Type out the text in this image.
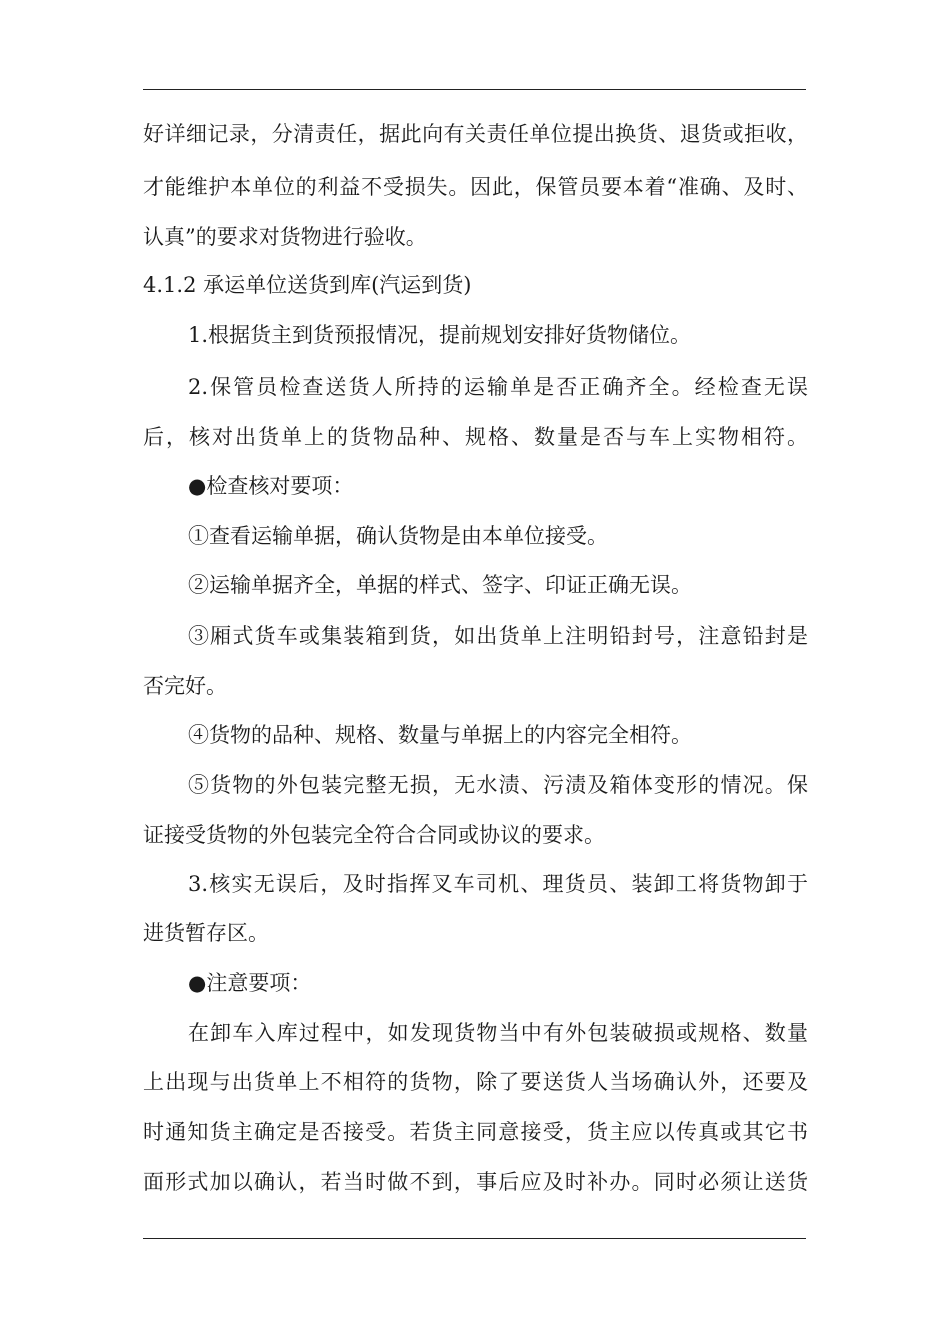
好详细记录，分清责任，据此向有关责任单位提出换货、退货或拒收，
才能维护本单位的利益不受损失。因此，保管员要本着“准确、及时、
认真”的要求对货物进行验收。
4.1.2 承运单位送货到库(汽运到货)
1.根据货主到货预报情况，提前规划安排好货物储位。
2.保管员检查送货人所持的运输单是否正确齐全。经检查无误
后，核对出货单上的货物品种、规格、数量是否与车上实物相符。
●检查核对要项：
①查看运输单据，确认货物是由本单位接受。
②运输单据齐全，单据的样式、签字、印证正确无误。
③厢式货车或集装箱到货，如出货单上注明铅封号，注意铅封是
否完好。
④货物的品种、规格、数量与单据上的内容完全相符。
⑤货物的外包装完整无损，无水渍、污渍及箱体变形的情况。保
证接受货物的外包装完全符合合同或协议的要求。
3.核实无误后，及时指挥叉车司机、理货员、装卸工将货物卸于
进货暂存区。
●注意要项：
在卸车入库过程中，如发现货物当中有外包装破损或规格、数量
上出现与出货单上不相符的货物，除了要送货人当场确认外，还要及
时通知货主确定是否接受。若货主同意接受，货主应以传真或其它书
面形式加以确认，若当时做不到，事后应及时补办。同时必须让送货
